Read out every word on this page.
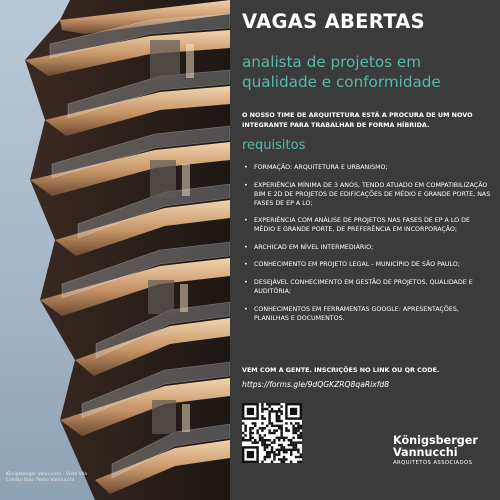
Königsberger Vannucchi - Vista Vila
Crédito foto: Pedro Vannucchi
VAGAS ABERTAS
analista de projetos em qualidade e conformidade
O NOSSO TIME DE ARQUITETURA ESTÁ A PROCURA DE UM NOVO INTEGRANTE PARA TRABALHAR DE FORMA HÍBRIDA.
requisitos
• FORMAÇÃO: ARQUITETURA E URBANISMO;
• EXPERIÊNCIA MÍNIMA DE 3 ANOS, TENDO ATUADO EM COMPATIBILIZAÇÃO BIM E 2D DE PROJETOS DE EDIFICAÇÕES DE MÉDIO E GRANDE PORTE, NAS FASES DE EP A LO;
• EXPERIÊNCIA COM ANÁLISE DE PROJETOS NAS FASES DE EP A LO DE MÉDIO E GRANDE PORTE, DE PREFERÊNCIA EM INCORPORAÇÃO;
• ARCHICAD EM NÍVEL INTERMEDIÁRIO;
• CONHECIMENTO EM PROJETO LEGAL - MUNICÍPIO DE SÃO PAULO;
• DESEJÁVEL CONHECIMENTO EM GESTÃO DE PROJETOS, QUALIDADE E AUDITÓRIA;
• CONHECIMENTOS EM FERRAMENTAS GOOGLE: APRESENTAÇÕES, PLANILHAS E DOCUMENTOS.
VEM COM A GENTE. INSCRIÇÕES NO LINK OU QR CODE.
https://forms.gle/9dQGKZRQ8qaRixfd8
Königsberger
Vannucchi
ARQUITETOS ASSOCIADOS
